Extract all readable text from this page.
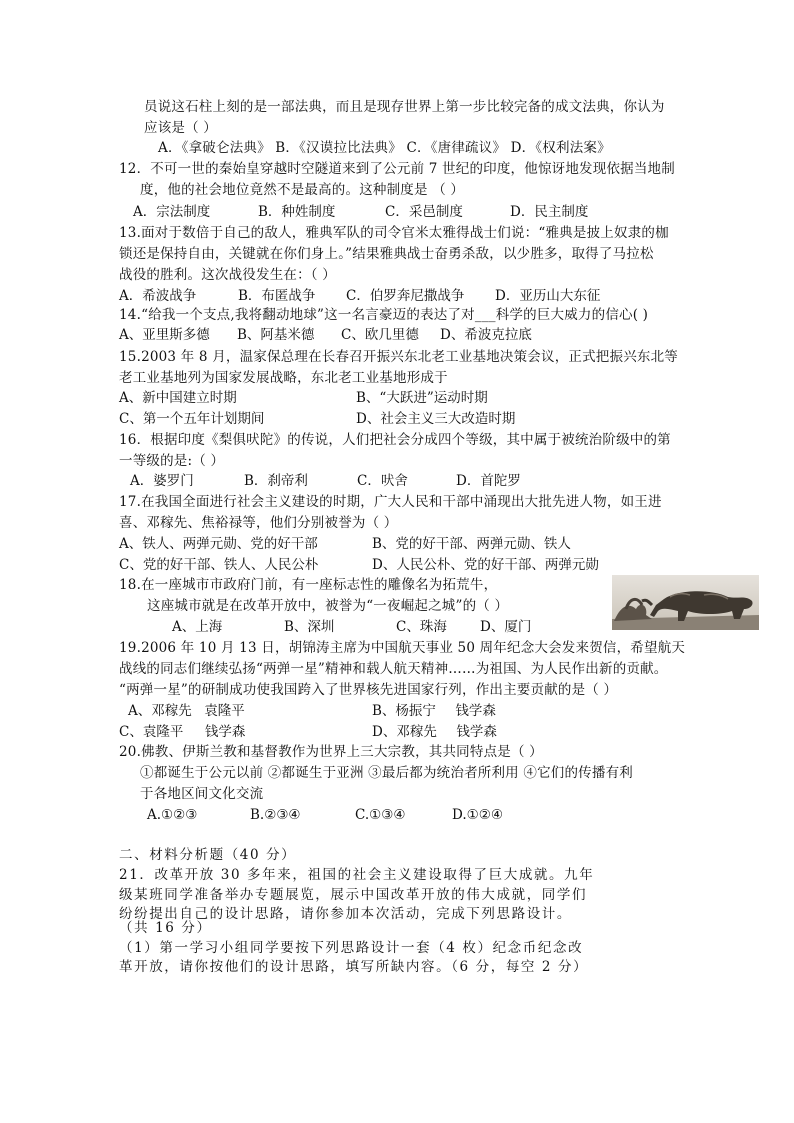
员说这石柱上刻的是一部法典，而且是现存世界上第一步比较完备的成文法典，你认为
应该是（ ）
A．《拿破仑法典》 B．《汉谟拉比法典》 C．《唐律疏议》 D．《权利法案》
12．不可一世的秦始皇穿越时空隧道来到了公元前 7 世纪的印度，他惊讶地发现依据当地制
度，他的社会地位竟然不是最高的。这种制度是 （ ）
A．宗法制度	B．种姓制度	C．采邑制度	D．民主制度
13.面对于数倍于自己的敌人，雅典军队的司令官米太雅得战士们说：“雅典是披上奴隶的枷
锁还是保持自由，关键就在你们身上。”结果雅典战士奋勇杀敌，以少胜多，取得了马拉松
战役的胜利。这次战役发生在：（ ）
A．希波战争	B．布匿战争 C．伯罗奔尼撒战争 D．亚历山大东征
14.“给我一个支点,我将翻动地球”这一名言豪迈的表达了对___科学的巨大威力的信心( )
A、亚里斯多德 B、阿基米德 C、欧几里德 D、希波克拉底
15.2003 年 8 月，温家保总理在长春召开振兴东北老工业基地决策会议，正式把振兴东北等
老工业基地列为国家发展战略，东北老工业基地形成于
A、新中国建立时期	B、“大跃进”运动时期
C、第一个五年计划期间	D、社会主义三大改造时期
16．根据印度《梨俱吠陀》的传说，人们把社会分成四个等级，其中属于被统治阶级中的第
一等级的是:（ ）
A．婆罗门	B．刹帝利	C．吠舍	D．首陀罗
17.在我国全面进行社会主义建设的时期，广大人民和干部中涌现出大批先进人物，如王进
喜、邓稼先、焦裕禄等，他们分别被誉为（ ）
A、铁人、两弹元勋、党的好干部	B、党的好干部、两弹元勋、铁人
C、党的好干部、铁人、人民公朴	D、人民公朴、党的好干部、两弹元勋
18.在一座城市市政府门前，有一座标志性的雕像名为拓荒牛，
这座城市就是在改革开放中，被誉为“一夜崛起之城”的（ ）
A、上海	B、深圳	C、珠海 D、厦门
19.2006 年 10 月 13 日，胡锦涛主席为中国航天事业 50 周年纪念大会发来贺信，希望航天
战线的同志们继续弘扬“两弹一星”精神和载人航天精神……为祖国、为人民作出新的贡献。
“两弹一星”的研制成功使我国跨入了世界核先进国家行列，作出主要贡献的是（ ）
A、邓稼先 袁隆平	B、杨振宁 钱学森
C、袁隆平 钱学森	D、邓稼先 钱学森
20.佛教、伊斯兰教和基督教作为世界上三大宗教，其共同特点是（ ）
①都诞生于公元以前 ②都诞生于亚洲 ③最后都为统治者所利用 ④它们的传播有利
于各地区间文化交流
A.①②③	B.②③④	C.①③④	D.①②④
二、材料分析题（40 分）
21．改革开放 30 多年来，祖国的社会主义建设取得了巨大成就。九年
级某班同学准备举办专题展览，展示中国改革开放的伟大成就，同学们
纷纷提出自己的设计思路，请你参加本次活动，完成下列思路设计。
（共 16 分）
（1）第一学习小组同学要按下列思路设计一套（4 枚）纪念币纪念改
革开放，请你按他们的设计思路，填写所缺内容。（6 分，每空 2 分）
